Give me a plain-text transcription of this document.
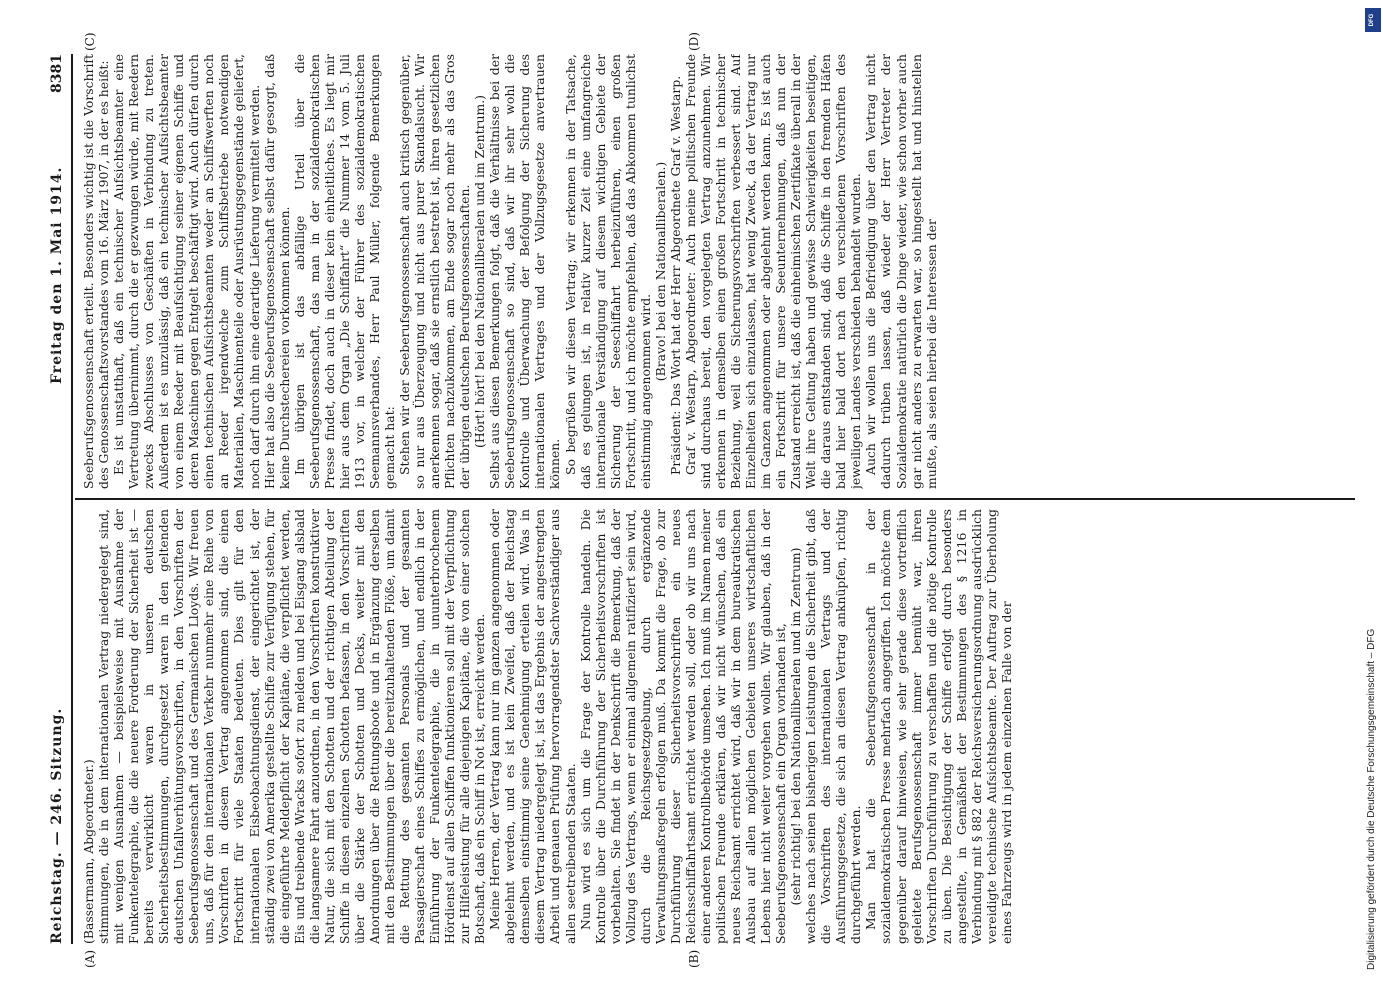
Reichstag. — 246. Sitzung.
Freitag den 1. Mai 1914.
8381
(A)	(B)
(C)	(D)

(Bassermann, Abgeordneter.) stimmungen, die in dem internationalen Vertrag niedergelegt sind, mit wenigen Ausnahmen — beispielsweise mit Ausnahme der Funkentelegraphie, die die neuere Forderung der Sicherheit ist — bereits verwirklicht waren in unseren deutschen Sicherheitsbestimmungen, durchgesetzt waren in den geltenden deutschen Unfallverhütungsvorschriften, in den Vorschriften der Seeberufsgenossenschaft und des Germanischen Lloyds. Wir freuen uns, daß für den internationalen Verkehr nunmehr eine Reihe von Vorschriften in diesem Vertrag angenommen sind, die einen Fortschritt für viele Staaten bedeuten. Dies gilt für den internationalen Eisbeobachtungsdienst, der eingerichtet ist, der ständig zwei von Amerika gestellte Schiffe zur Verfügung stehen, für die eingeführte Meldepflicht der Kapitäne, die verpflichtet werden, Eis und treibende Wracks sofort zu melden und bei Eisgang alsbald die langsamere Fahrt anzuordnen, in den Vorschriften konstruktiver Natur, die sich mit den Schotten und der richtigen Abteilung der Schiffe in diesen einzelnen Schotten befassen, in den Vorschriften über die Stärke der Schotten und Decks, weiter mit den Anordnungen über die Rettungsboote und in Ergänzung derselben mit den Bestimmungen über die bereitzuhaltenden Flöße, um damit die Rettung des gesamten Personals und der gesamten Passagierschaft eines Schiffes zu ermöglichen, und endlich in der Einführung der Funkentelegraphie, die in ununterbrochenem Hördienst auf allen Schiffen funktionieren soll mit der Verpflichtung zur Hilfeleistung für alle diejenigen Kapitäne, die von einer solchen Botschaft, daß ein Schiff in Not ist, erreicht werden. Meine Herren, der Vertrag kann nur im ganzen angenommen oder abgelehnt werden, und es ist kein Zweifel, daß der Reichstag demselben einstimmig seine Genehmigung erteilen wird. Was in diesem Vertrag niedergelegt ist, ist das Ergebnis der angestrengten Arbeit und genauen Prüfung hervorragendster Sachverständiger aus allen seetreibenden Staaten. Nun wird es sich um die Frage der Kontrolle handeln. Die Kontrolle über die Durchführung der Sicherheitsvorschriften ist vorbehalten. Sie findet in der Denkschrift die Bemerkung, daß der Vollzug des Vertrags, wenn er einmal allgemein ratifiziert sein wird, durch die Reichsgesetzgebung, durch ergänzende Verwaltungsmaßregeln erfolgen muß. Da kommt die Frage, ob zur Durchführung dieser Sicherheitsvorschriften ein neues Reichsschiffahrtsamt errichtet werden soll, oder ob wir uns nach einer anderen Kontrollbehörde umsehen. Ich muß im Namen meiner politischen Freunde erklären, daß wir nicht wünschen, daß ein neues Reichsamt errichtet wird, daß wir in dem bureaukratischen Ausbau auf allen möglichen Gebieten unseres wirtschaftlichen Lebens hier nicht weiter vorgehen wollen. Wir glauben, daß in der Seeberufsgenossenschaft ein Organ vorhanden ist, (sehr richtig! bei den Nationalliberalen und im Zentrum) welches nach seinen bisherigen Leistungen die Sicherheit gibt, daß die Vorschriften des internationalen Vertrags und der Ausführungsgesetze, die sich an diesen Vertrag anknüpfen, richtig durchgeführt werden. Man hat die Seeberufsgenossenschaft in der sozialdemokratischen Presse mehrfach angegriffen. Ich möchte dem gegenüber darauf hinweisen, wie sehr gerade diese vortrefflich geleitete Berufsgenossenschaft immer bemüht war, ihren Vorschriften Durchführung zu verschaffen und die nötige Kontrolle zu üben. Die Besichtigung der Schiffe erfolgt durch besonders angestellte, in Gemäßheit der Bestimmungen des § 1216 in Verbindung mit § 882 der Reichsversicherungsordnung ausdrücklich vereidigte technische Aufsichtsbeamte. Der Auftrag zur Überholung eines Fahrzeugs wird in jedem einzelnen Falle von der

Seeberufsgenossenschaft erteilt. Besonders wichtig ist die Vorschrift des Genossenschaftsvorstandes vom 16. März 1907, in der es heißt: Es ist unstatthaft, daß ein technischer Aufsichtsbeamter eine Vertretung übernimmt, durch die er gezwungen würde, mit Reedern zwecks Abschlusses von Geschäften in Verbindung zu treten. Außerdem ist es unzulässig, daß ein technischer Aufsichtsbeamter von einem Reeder mit Beaufsichtigung seiner eigenen Schiffe und deren Maschinen gegen Entgelt beschäftigt wird. Auch dürfen durch einen technischen Aufsichtsbeamten weder an Schiffswerften noch an Reeder irgendwelche zum Schiffsbetriebe notwendigen Materialien, Maschinenteile oder Ausrüstungsgegenstände geliefert, noch darf durch ihn eine derartige Lieferung vermittelt werden. Hier hat also die Seeberufsgenossenschaft selbst dafür gesorgt, daß keine Durchstechereien vorkommen können. Im übrigen ist das abfällige Urteil über die Seeberufsgenossenschaft, das man in der sozialdemokratischen Presse findet, doch auch in dieser kein einheitliches. Es liegt mir hier aus dem Organ „Die Schiffahrt“ die Nummer 14 vom 5. Juli 1913 vor, in welcher der Führer des sozialdemokratischen Seemannsverbandes, Herr Paul Müller, folgende Bemerkungen gemacht hat: Stehen wir der Seeberufsgenossenschaft auch kritisch gegenüber, so nur aus Überzeugung und nicht aus purer Skandalsucht. Wir anerkennen sogar, daß sie ernstlich bestrebt ist, ihren gesetzlichen Pflichten nachzukommen, am Ende sogar noch mehr als das Gros der übrigen deutschen Berufsgenossenschaften. (Hört! hört! bei den Nationalliberalen und im Zentrum.) Selbst aus diesen Bemerkungen folgt, daß die Verhältnisse bei der Seeberufsgenossenschaft so sind, daß wir ihr sehr wohl die Kontrolle und Überwachung der Befolgung der Sicherung des internationalen Vertrages und der Vollzugsgesetze anvertrauen können. So begrüßen wir diesen Vertrag; wir erkennen in der Tatsache, daß es gelungen ist, in relativ kurzer Zeit eine umfangreiche internationale Verständigung auf diesem wichtigen Gebiete der Sicherung der Seeschiffahrt herbeizuführen, einen großen Fortschritt, und ich möchte empfehlen, daß das Abkommen tunlichst einstimmig angenommen wird.

(Bravo! bei den Nationalliberalen.) Präsident: Das Wort hat der Herr Abgeordnete Graf v. Westarp. Graf v. Westarp, Abgeordneter: Auch meine politischen Freunde sind durchaus bereit, den vorgelegten Vertrag anzunehmen. Wir erkennen in demselben einen großen Fortschritt in technischer Beziehung, weil die Sicherungsvorschriften verbessert sind. Auf Einzelheiten sich einzulassen, hat wenig Zweck, da der Vertrag nur im Ganzen angenommen oder abgelehnt werden kann. Es ist auch ein Fortschritt für unsere Seeunternehmungen, daß nun der Zustand erreicht ist, daß die einheimischen Zertifikate überall in der Welt ihre Geltung haben und gewisse Schwierigkeiten beseitigen, die daraus entstanden sind, daß die Schiffe in den fremden Häfen bald hier bald dort nach den verschiedenen Vorschriften des jeweiligen Landes verschieden behandelt wurden. Auch wir wollen uns die Befriedigung über den Vertrag nicht dadurch trüben lassen, daß wieder der Herr Vertreter der Sozialdemokratie natürlich die Dinge wieder, wie schon vorher auch gar nicht anders zu erwarten war, so hingestellt hat und hinstellen mußte, als seien hierbei die Interessen der

DFG
Digitalisierung gefördert durch die Deutsche Forschungsgemeinschaft – DFG
